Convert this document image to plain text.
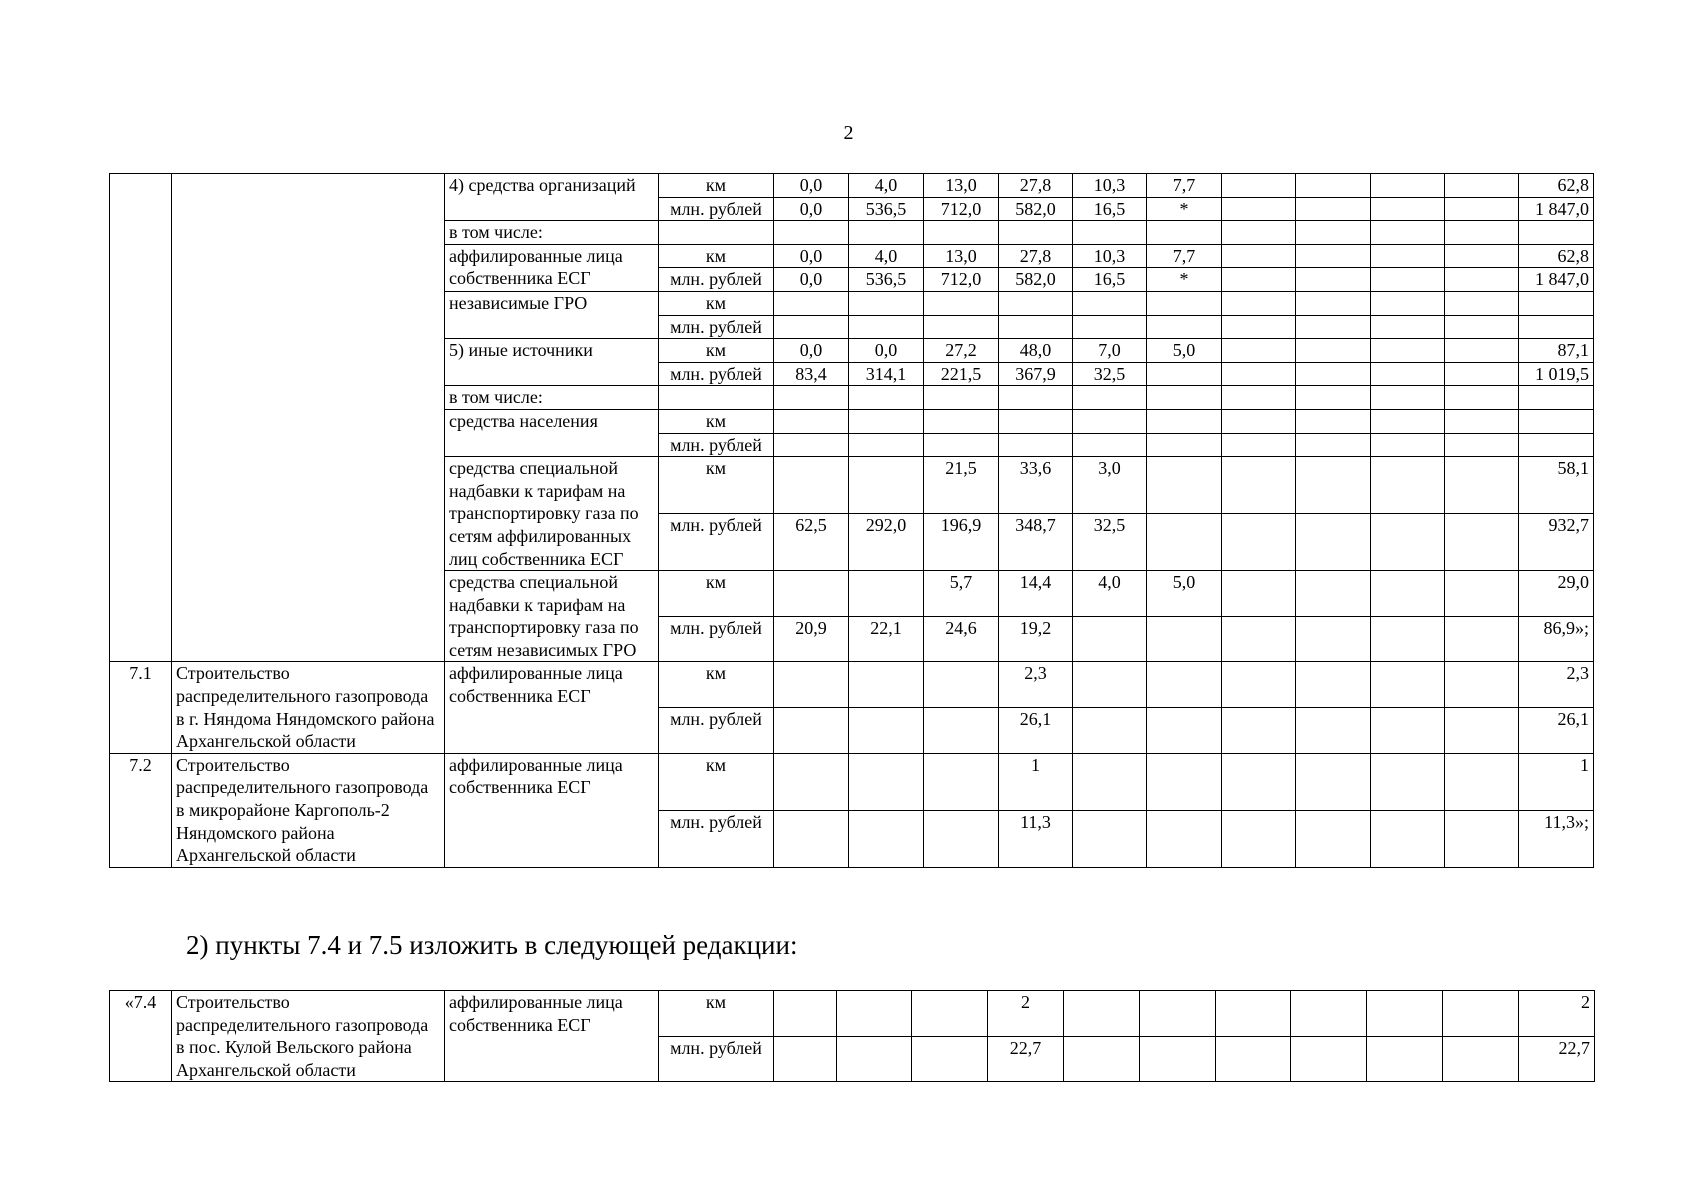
2
		4) средства организаций	км	0,0	4,0	13,0	27,8	10,3	7,7					62,8
			млн. рублей	0,0	536,5	712,0	582,0	16,5	*					1 847,0
		в том числе:												
		аффилированные лица собственника ЕСГ	км	0,0	4,0	13,0	27,8	10,3	7,7					62,8
			млн. рублей	0,0	536,5	712,0	582,0	16,5	*					1 847,0
		независимые ГРО	км											
			млн. рублей											
		5) иные источники	км	0,0	0,0	27,2	48,0	7,0	5,0					87,1
			млн. рублей	83,4	314,1	221,5	367,9	32,5						1 019,5
		в том числе:												
		средства населения	км											
			млн. рублей											
		средства специальной надбавки к тарифам на транспортировку газа по сетям аффилированных лиц собственника ЕСГ	км			21,5	33,6	3,0						58,1
			млн. рублей	62,5	292,0	196,9	348,7	32,5						932,7
		средства специальной надбавки к тарифам на транспортировку газа по сетям независимых ГРО	км			5,7	14,4	4,0	5,0					29,0
			млн. рублей	20,9	22,1	24,6	19,2							86,9»;
7.1	Строительство распределительного газопровода в г. Няндома Няндомского района Архангельской области	аффилированные лица собственника ЕСГ	км				2,3							2,3
			млн. рублей				26,1							26,1
7.2	Строительство распределительного газопровода в микрорайоне Каргополь-2 Няндомского района Архангельской области	аффилированные лица собственника ЕСГ	км				1							1
			млн. рублей				11,3							11,3»;
2) пункты 7.4 и 7.5 изложить в следующей редакции:
«7.4	Строительство распределительного газопровода в пос. Кулой Вельского района Архангельской области	аффилированные лица собственника ЕСГ	км				2							2
			млн. рублей				22,7							22,7
